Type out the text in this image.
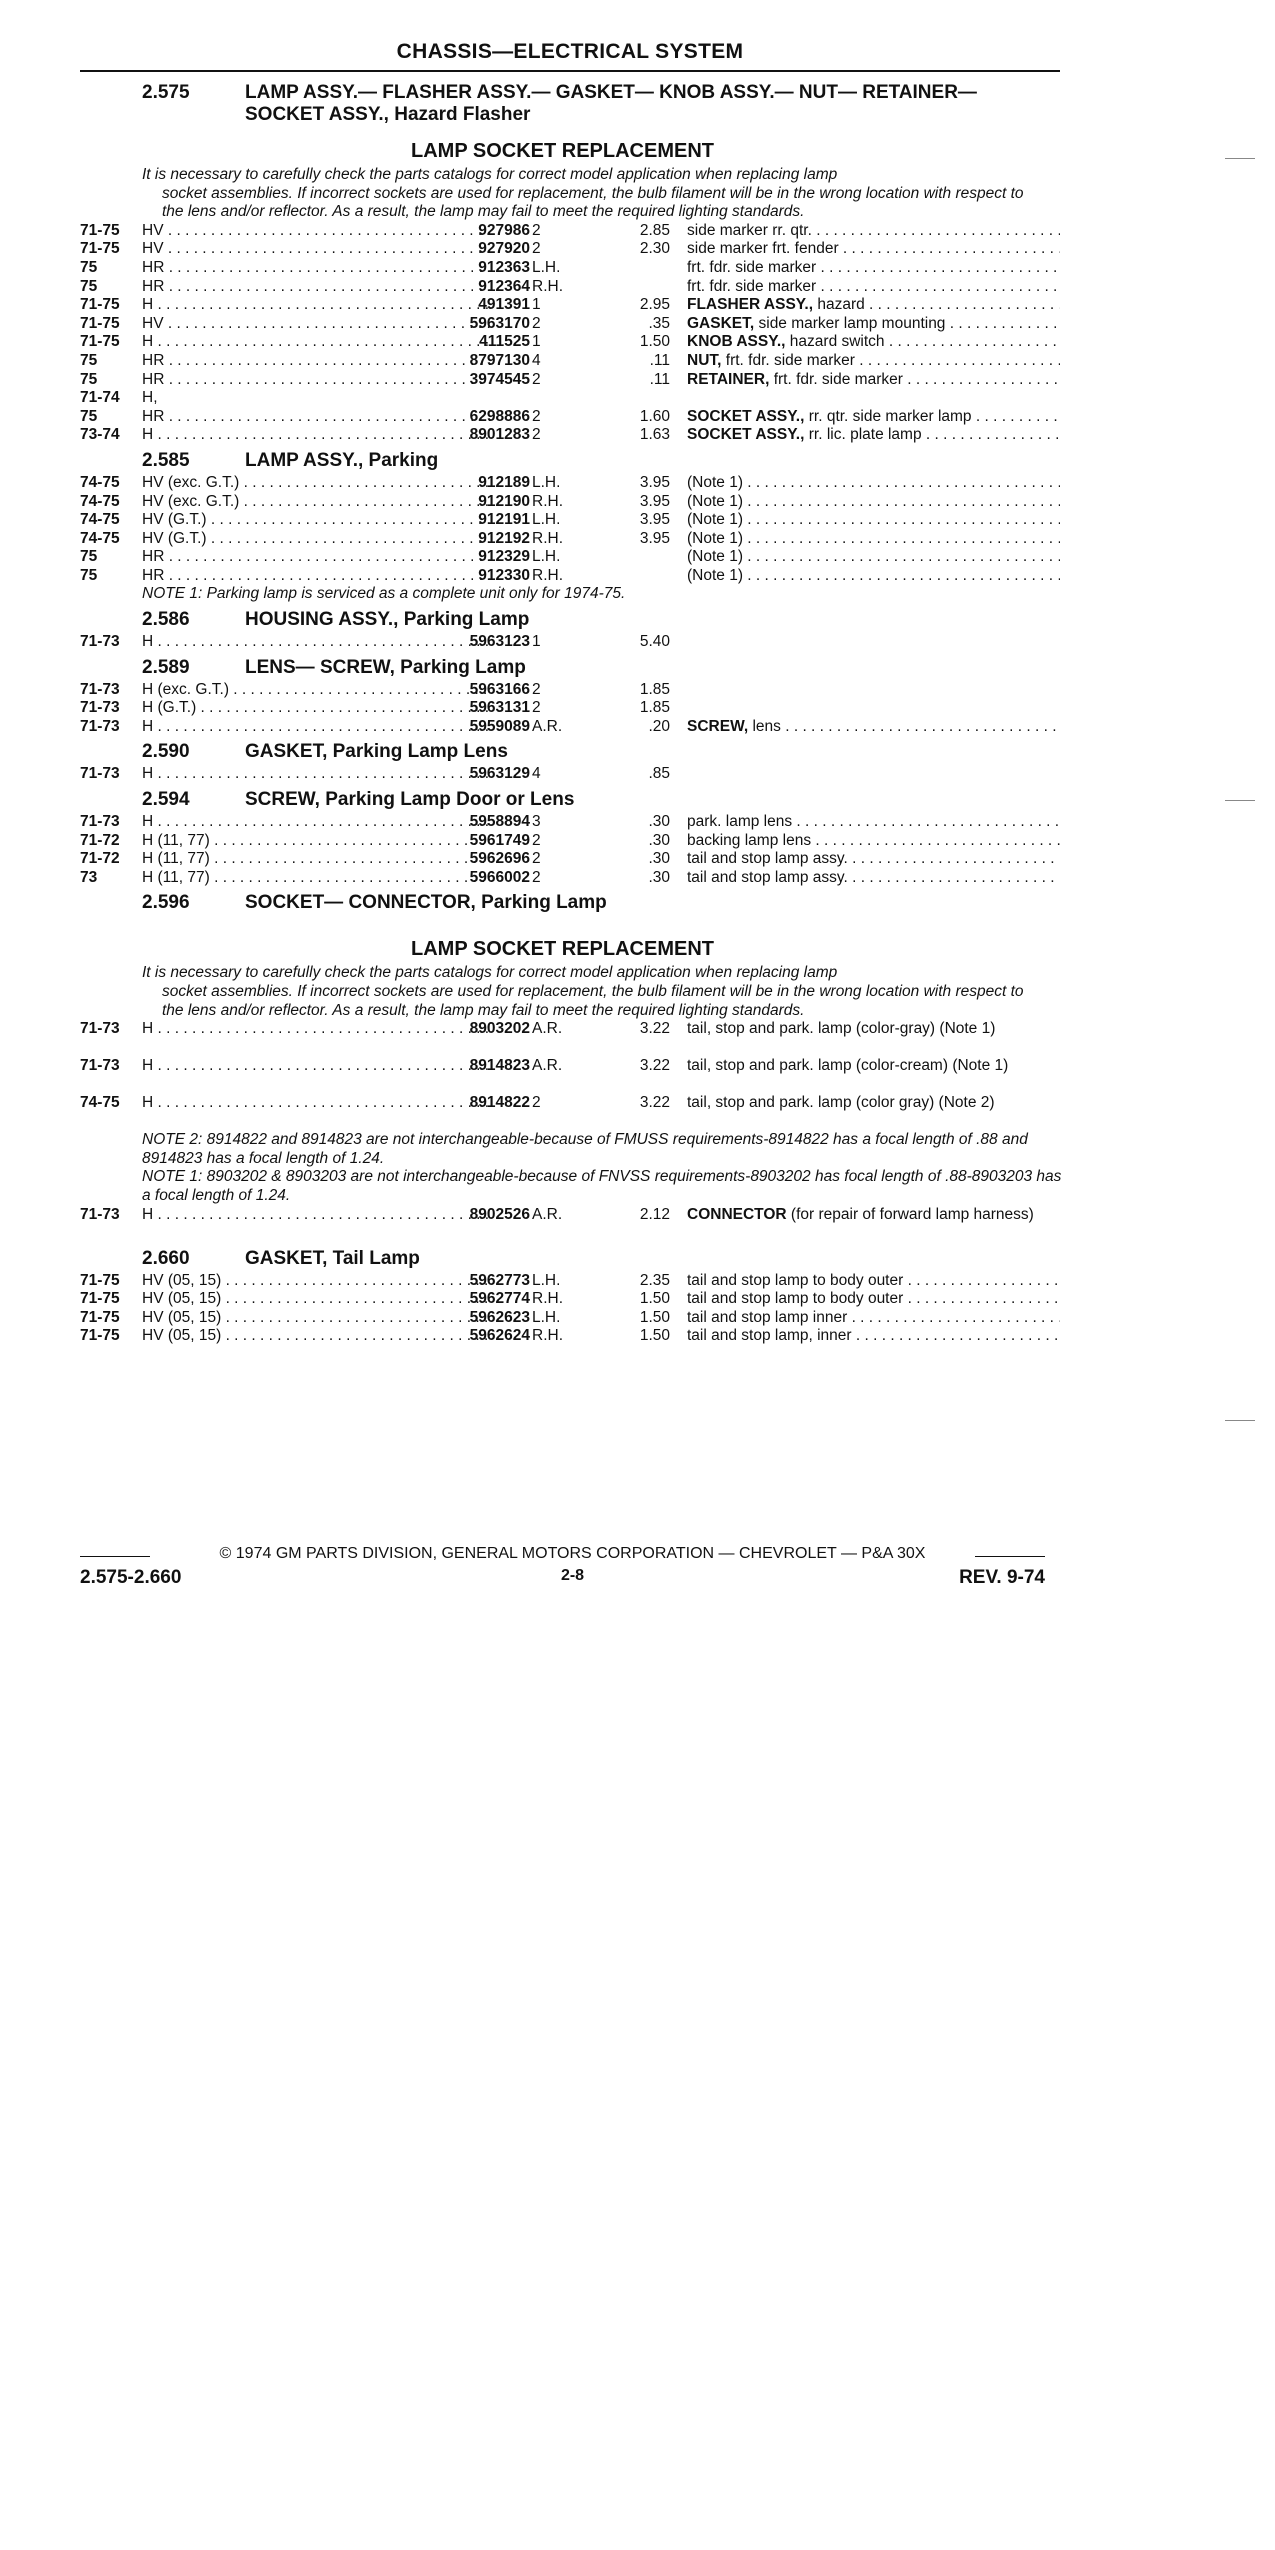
CHASSIS—ELECTRICAL SYSTEM
2.575	LAMP ASSY.— FLASHER ASSY.— GASKET— KNOB ASSY.— NUT— RETAINER— SOCKET ASSY., Hazard Flasher
LAMP SOCKET REPLACEMENT
It is necessary to carefully check the parts catalogs for correct model application when replacing lamp
socket assemblies. If incorrect sockets are used for replacement, the bulb filament will be in the wrong location with respect to the lens and/or reflector. As a result, the lamp may fail to meet the required lighting standards.
71-75 HV . . .	927986 2	2.85 side marker rr. qtr. . . .
71-75 HV . . .	927920 2	2.30 side marker frt. fender . . .
75	HR . . .	912363 L.H.	frt. fdr. side marker . . .
75	HR . . .	912364 R.H.	frt. fdr. side marker . . .
71-75 H . . .	491391 1	2.95 FLASHER ASSY., hazard . . .
71-75 HV . . .	5963170 2	.35 GASKET, side marker lamp mounting . . .
71-75 H . . .	411525 1	1.50 KNOB ASSY., hazard switch . . .
75	HR . . .	8797130 4	.11 NUT, frt. fdr. side marker . . .
75	HR . . .	3974545 2	.11 RETAINER, frt. fdr. side marker . . .
71-74 H,
75	HR . . .	6298886 2	1.60 SOCKET ASSY., rr. qtr. side marker lamp . . .
73-74 H . . .	8901283 2	1.63 SOCKET ASSY., rr. lic. plate lamp . . .
2.585	LAMP ASSY., Parking
74-75 HV (exc. G.T.) . . .	912189 L.H.	3.95 (Note 1) . . .
74-75 HV (exc. G.T.) . . .	912190 R.H.	3.95 (Note 1) . . .
74-75 HV (G.T.) . . .	912191 L.H.	3.95 (Note 1) . . .
74-75 HV (G.T.) . . .	912192 R.H.	3.95 (Note 1) . . .
75	HR . . .	912329 L.H.	(Note 1) . . .
75	HR . . .	912330 R.H.	(Note 1) . . .
NOTE 1: Parking lamp is serviced as a complete unit only for 1974-75.
2.586	HOUSING ASSY., Parking Lamp
71-73 H . . .	5963123 1	5.40
2.589	LENS— SCREW, Parking Lamp
71-73 H (exc. G.T.) . . .	5963166 2	1.85
71-73 H (G.T.) . . .	5963131 2	1.85
71-73 H . . .	5959089 A.R.	.20 SCREW, lens . . .
2.590	GASKET, Parking Lamp Lens
71-73 H . . .	5963129 4	.85
2.594	SCREW, Parking Lamp Door or Lens
71-73 H . . .	5958894 3	.30 park. lamp lens . . .
71-72 H (11, 77) . . .	5961749 2	.30 backing lamp lens . . .
71-72 H (11, 77) . . .	5962696 2	.30 tail and stop lamp assy. . . .
73	H (11, 77) . . .	5966002 2	.30 tail and stop lamp assy. . . .
2.596	SOCKET— CONNECTOR, Parking Lamp
LAMP SOCKET REPLACEMENT
It is necessary to carefully check the parts catalogs for correct model application when replacing lamp
socket assemblies. If incorrect sockets are used for replacement, the bulb filament will be in the wrong location with respect to the lens and/or reflector. As a result, the lamp may fail to meet the required lighting standards.
71-73 H . . .	8903202 A.R.	3.22 tail, stop and park. lamp (color-gray) (Note 1)
71-73 H . . .	8914823 A.R.	3.22 tail, stop and park. lamp (color-cream) (Note 1)
74-75 H . . .	8914822 2	3.22 tail, stop and park. lamp (color gray) (Note 2)
NOTE 2: 8914822 and 8914823 are not interchangeable-because of FMUSS requirements-8914822 has a focal length of .88 and 8914823 has a focal length of 1.24.
NOTE 1: 8903202 & 8903203 are not interchangeable-because of FNVSS requirements-8903202 has focal length of .88-8903203 has a focal length of 1.24.
71-73 H . . .	8902526 A.R.	2.12 CONNECTOR (for repair of forward lamp harness)
2.660	GASKET, Tail Lamp
71-75 HV (05, 15) . . .	5962773 L.H.	2.35 tail and stop lamp to body outer . . .
71-75 HV (05, 15) . . .	5962774 R.H.	1.50 tail and stop lamp to body outer . . .
71-75 HV (05, 15) . . .	5962623 L.H.	1.50 tail and stop lamp inner . . .
71-75 HV (05, 15) . . .	5962624 R.H.	1.50 tail and stop lamp, inner . . .
© 1974 GM PARTS DIVISION, GENERAL MOTORS CORPORATION — CHEVROLET — P&A 30X
2.575-2.660	2-8	REV. 9-74
